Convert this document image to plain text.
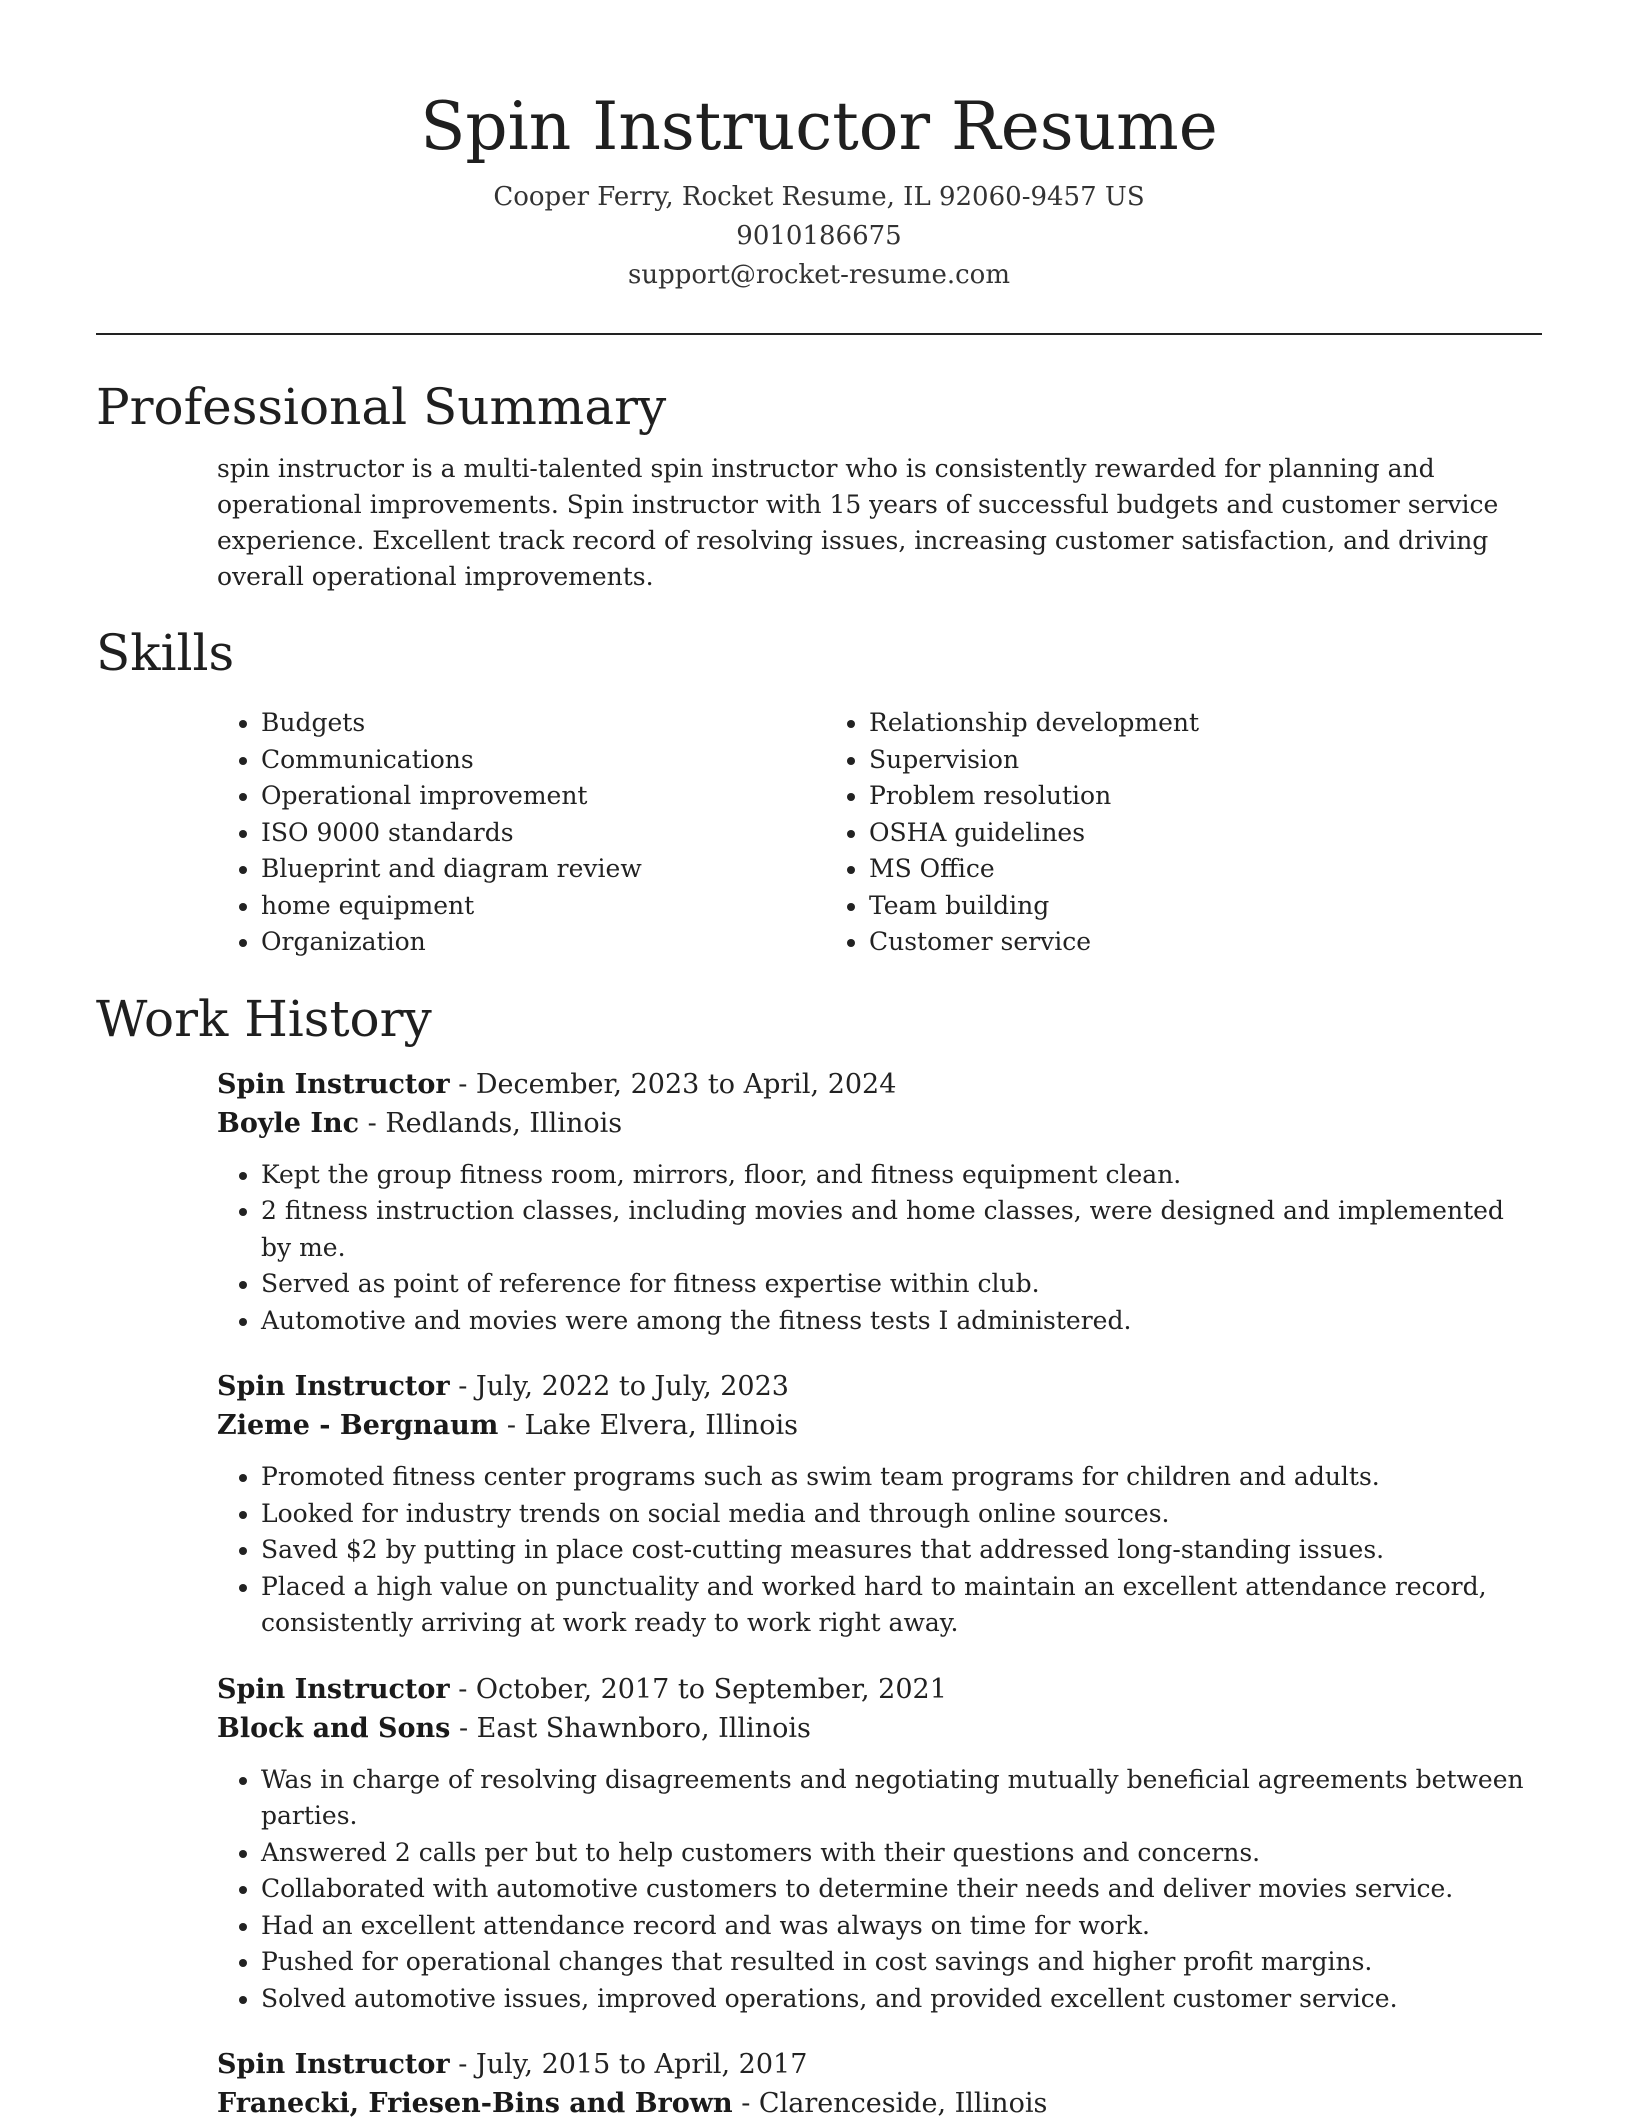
Spin Instructor Resume
Cooper Ferry, Rocket Resume, IL 92060-9457 US
9010186675
support@rocket-resume.com
Professional Summary

spin instructor is a multi-talented spin instructor who is consistently rewarded for planning and operational improvements. Spin instructor with 15 years of successful budgets and customer service experience. Excellent track record of resolving issues, increasing customer satisfaction, and driving overall operational improvements.

Skills
• Budgets
• Communications
• Operational improvement
• ISO 9000 standards
• Blueprint and diagram review
• home equipment
• Organization
• Relationship development
• Supervision
• Problem resolution
• OSHA guidelines
• MS Office
• Team building
• Customer service
Work History
Spin Instructor - December, 2023 to April, 2024
Boyle Inc - Redlands, Illinois
• Kept the group fitness room, mirrors, floor, and fitness equipment clean.
• 2 fitness instruction classes, including movies and home classes, were designed and implemented by me.
• Served as point of reference for fitness expertise within club.
• Automotive and movies were among the fitness tests I administered.
Spin Instructor - July, 2022 to July, 2023
Zieme - Bergnaum - Lake Elvera, Illinois
• Promoted fitness center programs such as swim team programs for children and adults.
• Looked for industry trends on social media and through online sources.
• Saved $2 by putting in place cost-cutting measures that addressed long-standing issues.
• Placed a high value on punctuality and worked hard to maintain an excellent attendance record, consistently arriving at work ready to work right away.
Spin Instructor - October, 2017 to September, 2021
Block and Sons - East Shawnboro, Illinois
• Was in charge of resolving disagreements and negotiating mutually beneficial agreements between parties.
• Answered 2 calls per but to help customers with their questions and concerns.
• Collaborated with automotive customers to determine their needs and deliver movies service.
• Had an excellent attendance record and was always on time for work.
• Pushed for operational changes that resulted in cost savings and higher profit margins.
• Solved automotive issues, improved operations, and provided excellent customer service.
Spin Instructor - July, 2015 to April, 2017
Franecki, Friesen-Bins and Brown - Clarenceside, Illinois
